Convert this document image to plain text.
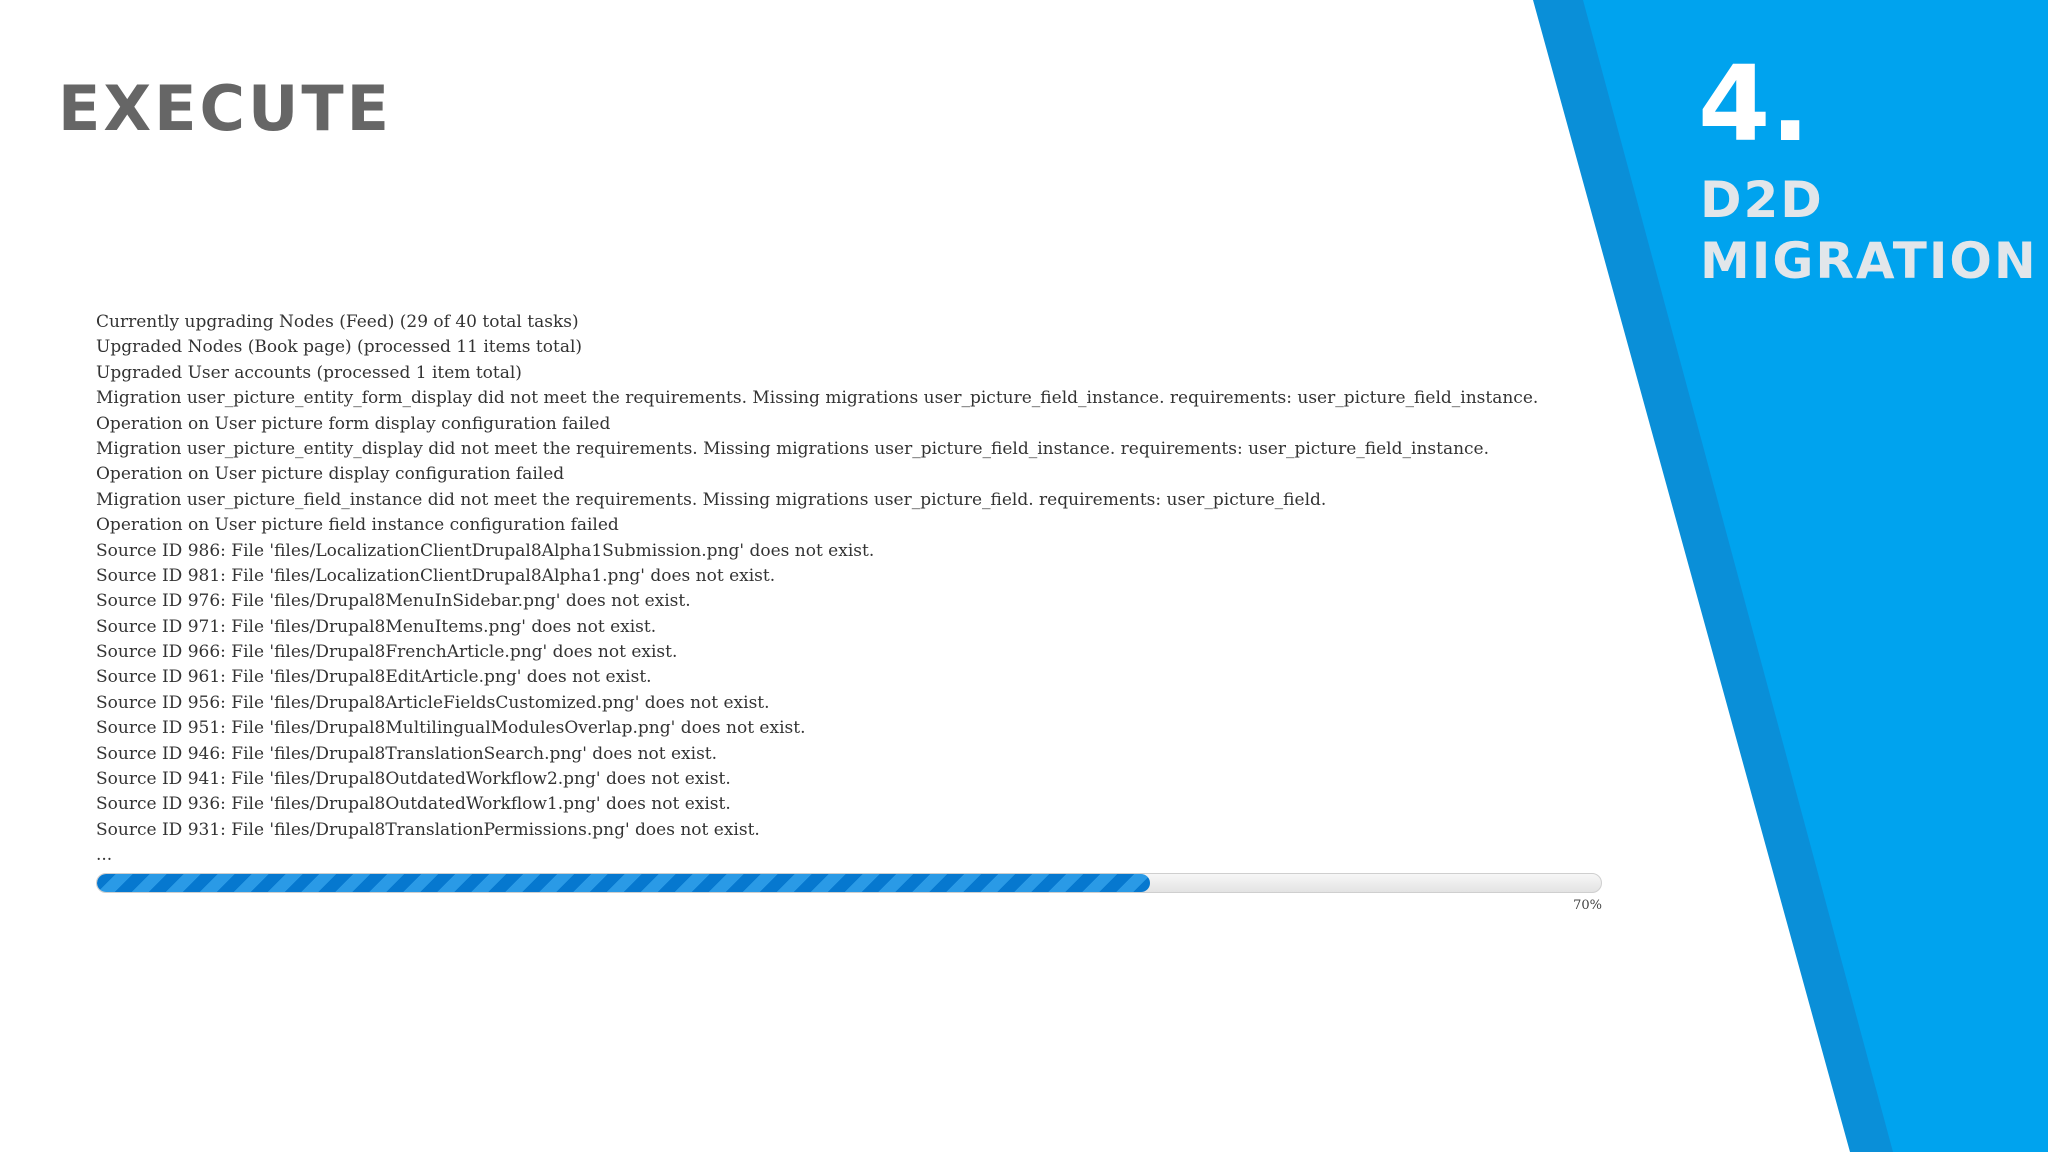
EXECUTE	4.
D2D
MIGRATION
Currently upgrading Nodes (Feed) (29 of 40 total tasks)
Upgraded Nodes (Book page) (processed 11 items total)
Upgraded User accounts (processed 1 item total)
Migration user_picture_entity_form_display did not meet the requirements. Missing migrations user_picture_field_instance. requirements: user_picture_field_instance.
Operation on User picture form display configuration failed
Migration user_picture_entity_display did not meet the requirements. Missing migrations user_picture_field_instance. requirements: user_picture_field_instance.
Operation on User picture display configuration failed
Migration user_picture_field_instance did not meet the requirements. Missing migrations user_picture_field. requirements: user_picture_field.
Operation on User picture field instance configuration failed
Source ID 986: File 'files/LocalizationClientDrupal8Alpha1Submission.png' does not exist.
Source ID 981: File 'files/LocalizationClientDrupal8Alpha1.png' does not exist.
Source ID 976: File 'files/Drupal8MenuInSidebar.png' does not exist.
Source ID 971: File 'files/Drupal8MenuItems.png' does not exist.
Source ID 966: File 'files/Drupal8FrenchArticle.png' does not exist.
Source ID 961: File 'files/Drupal8EditArticle.png' does not exist.
Source ID 956: File 'files/Drupal8ArticleFieldsCustomized.png' does not exist.
Source ID 951: File 'files/Drupal8MultilingualModulesOverlap.png' does not exist.
Source ID 946: File 'files/Drupal8TranslationSearch.png' does not exist.
Source ID 941: File 'files/Drupal8OutdatedWorkflow2.png' does not exist.
Source ID 936: File 'files/Drupal8OutdatedWorkflow1.png' does not exist.
Source ID 931: File 'files/Drupal8TranslationPermissions.png' does not exist.
...
70%
